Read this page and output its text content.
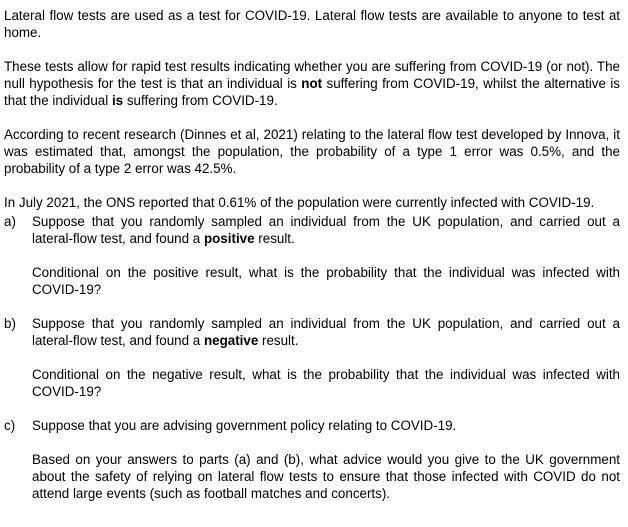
Lateral flow tests are used as a test for COVID-19. Lateral flow tests are available to anyone to test at home.

These tests allow for rapid test results indicating whether you are suffering from COVID-19 (or not). The null hypothesis for the test is that an individual is not suffering from COVID-19, whilst the alternative is that the individual is suffering from COVID-19.

According to recent research (Dinnes et al, 2021) relating to the lateral flow test developed by Innova, it was estimated that, amongst the population, the probability of a type 1 error was 0.5%, and the probability of a type 2 error was 42.5%.

In July 2021, the ONS reported that 0.61% of the population were currently infected with COVID-19.

a) Suppose that you randomly sampled an individual from the UK population, and carried out a lateral-flow test, and found a positive result.

Conditional on the positive result, what is the probability that the individual was infected with COVID-19?

b) Suppose that you randomly sampled an individual from the UK population, and carried out a lateral-flow test, and found a negative result.

Conditional on the negative result, what is the probability that the individual was infected with COVID-19?

c) Suppose that you are advising government policy relating to COVID-19.

Based on your answers to parts (a) and (b), what advice would you give to the UK government about the safety of relying on lateral flow tests to ensure that those infected with COVID do not attend large events (such as football matches and concerts).
